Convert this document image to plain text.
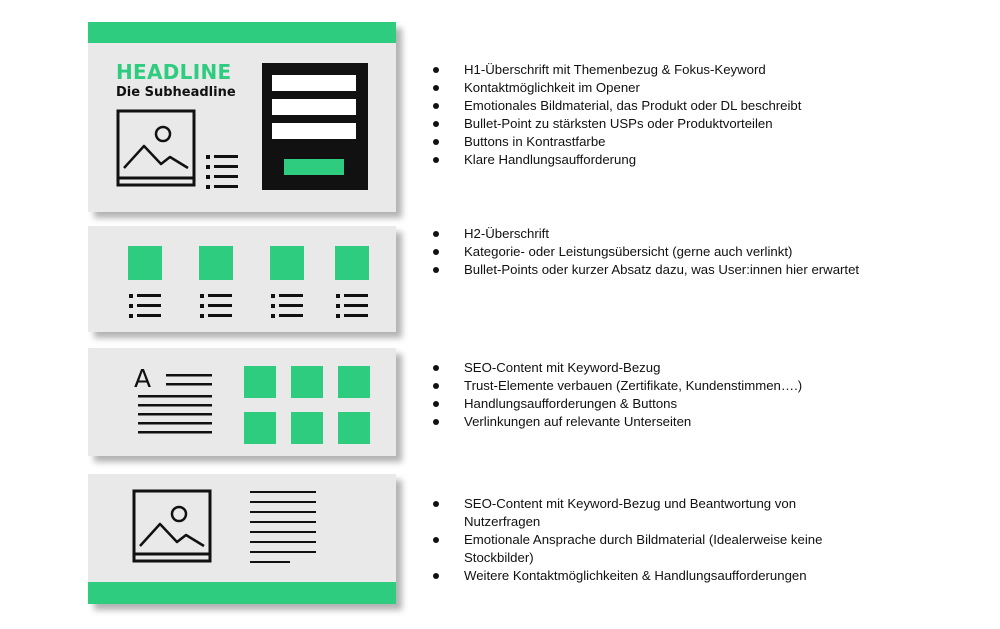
HEADLINE
Die Subheadline
A
H1-Überschrift mit Themenbezug & Fokus-Keyword
Kontaktmöglichkeit im Opener
Emotionales Bildmaterial, das Produkt oder DL beschreibt
Bullet-Point zu stärksten USPs oder Produktvorteilen
Buttons in Kontrastfarbe
Klare Handlungsaufforderung
H2-Überschrift
Kategorie- oder Leistungsübersicht (gerne auch verlinkt)
Bullet-Points oder kurzer Absatz dazu, was User:innen hier erwartet
SEO-Content mit Keyword-Bezug
Trust-Elemente verbauen (Zertifikate, Kundenstimmen….)
Handlungsaufforderungen & Buttons
Verlinkungen auf relevante Unterseiten
SEO-Content mit Keyword-Bezug und Beantwortung von Nutzerfragen
Emotionale Ansprache durch Bildmaterial (Idealerweise keine Stockbilder)
Weitere Kontaktmöglichkeiten & Handlungsaufforderungen
